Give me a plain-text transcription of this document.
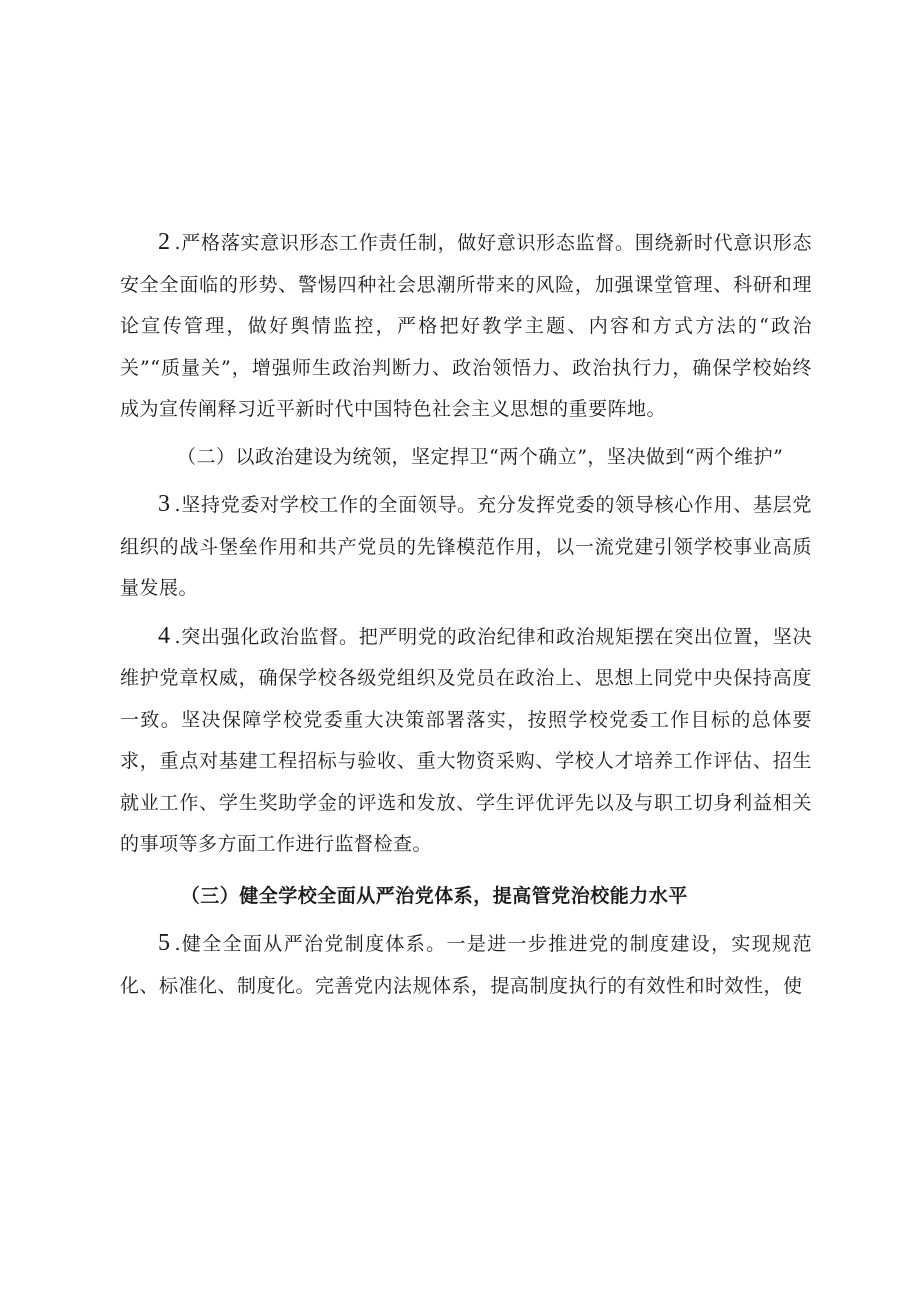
2 .严格落实意识形态工作责任制，做好意识形态监督。围绕新时代意识形态安全全面临的形势、警惕四种社会思潮所带来的风险，加强课堂管理、科研和理论宣传管理，做好舆情监控，严格把好教学主题、内容和方式方法的“政治关”“质量关”，增强师生政治判断力、政治领悟力、政治执行力，确保学校始终成为宣传阐释习近平新时代中国特色社会主义思想的重要阵地。

（二）以政治建设为统领，坚定捍卫“两个确立”，坚决做到“两个维护”

3 .坚持党委对学校工作的全面领导。充分发挥党委的领导核心作用、基层党组织的战斗堡垒作用和共产党员的先锋模范作用，以一流党建引领学校事业高质量发展。

4 .突出强化政治监督。把严明党的政治纪律和政治规矩摆在突出位置，坚决维护党章权威，确保学校各级党组织及党员在政治上、思想上同党中央保持高度一致。坚决保障学校党委重大决策部署落实，按照学校党委工作目标的总体要求，重点对基建工程招标与验收、重大物资采购、学校人才培养工作评估、招生就业工作、学生奖助学金的评选和发放、学生评优评先以及与职工切身利益相关的事项等多方面工作进行监督检查。

（三）健全学校全面从严治党体系，提高管党治校能力水平

5 .健全全面从严治党制度体系。一是进一步推进党的制度建设，实现规范化、标准化、制度化。完善党内法规体系，提高制度执行的有效性和时效性，使
